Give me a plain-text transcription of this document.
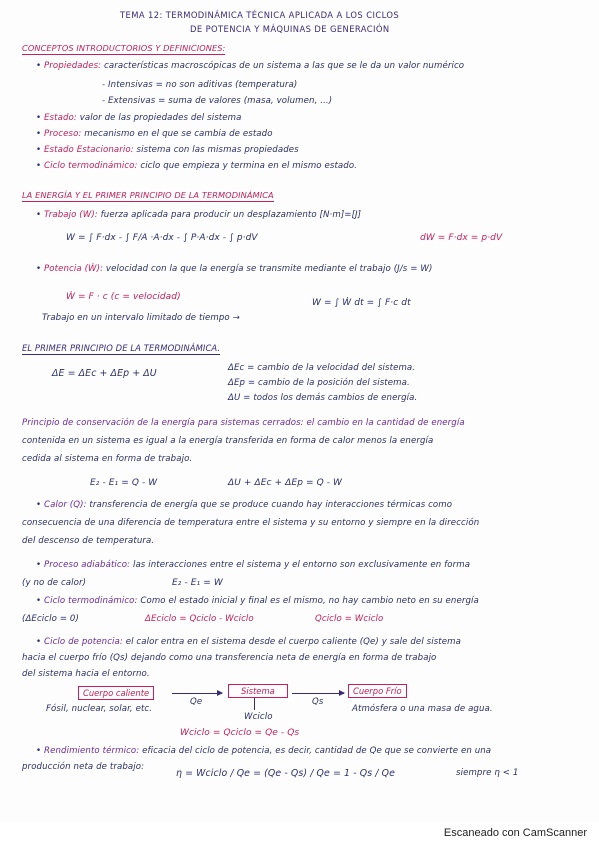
TEMA 12: TERMODINÁMICA TÉCNICA APLICADA A LOS CICLOS
DE POTENCIA Y MÁQUINAS DE GENERACIÓN
CONCEPTOS INTRODUCTORIOS Y DEFINICIONES:
• Propiedades: características macroscópicas de un sistema a las que se le da un valor numérico
- Intensivas = no son aditivas (temperatura)
- Extensivas = suma de valores (masa, volumen, ...)
• Estado: valor de las propiedades del sistema
• Proceso: mecanismo en el que se cambia de estado
• Estado Estacionario: sistema con las mismas propiedades
• Ciclo termodinámico: ciclo que empieza y termina en el mismo estado.
LA ENERGÍA Y EL PRIMER PRINCIPIO DE LA TERMODINÁMICA
• Trabajo (W): fuerza aplicada para producir un desplazamiento [N·m]=[J]
W = ∫ F·dx - ∫ F/A ·A·dx - ∫ P·A·dx - ∫ p·dV	dW = F·dx = p·dV
• Potencia (Ẇ): velocidad con la que la energía se transmite mediante el trabajo (J/s = W)
Ẇ = F · c (c = velocidad)
Trabajo en un intervalo limitado de tiempo →
W = ∫ Ẇ dt = ∫ F·c dt
EL PRIMER PRINCIPIO DE LA TERMODINÁMICA.
ΔE = ΔEc + ΔEp + ΔU	ΔEc = cambio de la velocidad del sistema.
ΔEp = cambio de la posición del sistema.
ΔU = todos los demás cambios de energía.
Principio de conservación de la energía para sistemas cerrados: el cambio en la cantidad de energía
contenida en un sistema es igual a la energía transferida en forma de calor menos la energía
cedida al sistema en forma de trabajo.
E₂ - E₁ = Q - W	ΔU + ΔEc + ΔEp = Q - W
• Calor (Q): transferencia de energía que se produce cuando hay interacciones térmicas como
consecuencia de una diferencia de temperatura entre el sistema y su entorno y siempre en la dirección
del descenso de temperatura.
• Proceso adiabático: las interacciones entre el sistema y el entorno son exclusivamente en forma
(y no de calor)	E₂ - E₁ = W
• Ciclo termodinámico: Como el estado inicial y final es el mismo, no hay cambio neto en su energía
(ΔEciclo = 0)	ΔEciclo = Qciclo - Wciclo	Qciclo = Wciclo
• Ciclo de potencia: el calor entra en el sistema desde el cuerpo caliente (Qe) y sale del sistema
hacia el cuerpo frío (Qs) dejando como una transferencia neta de energía en forma de trabajo
del sistema hacia el entorno.
Cuerpo caliente
Qe
Sistema
Qs
Cuerpo Frío
Wciclo
Fósil, nuclear, solar, etc.	Atmósfera o una masa de agua.
Wciclo = Qciclo = Qe - Qs
• Rendimiento térmico: eficacia del ciclo de potencia, es decir, cantidad de Qe que se convierte en una
producción neta de trabajo:
η = Wciclo / Qe = (Qe - Qs) / Qe = 1 - Qs / Qe	siempre η < 1
Escaneado con CamScanner
